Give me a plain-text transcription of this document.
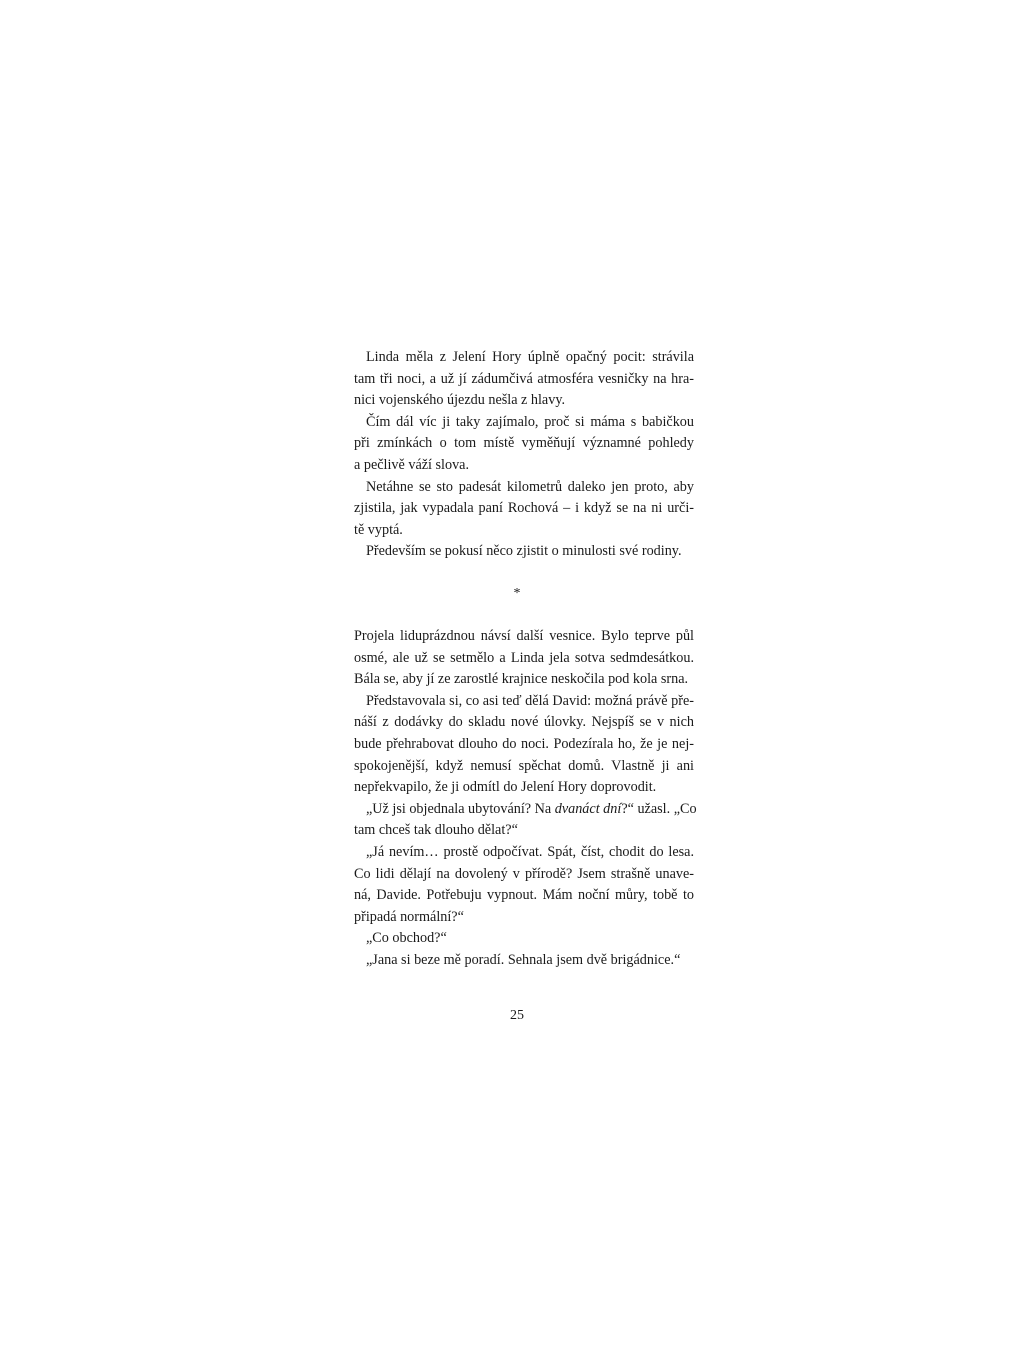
Linda měla z Jelení Hory úplně opačný pocit: strávila
tam tři noci, a už jí zádumčivá atmosféra vesničky na hra-
nici vojenského újezdu nešla z hlavy.
Čím dál víc ji taky zajímalo, proč si máma s babičkou
při zmínkách o tom místě vyměňují významné pohledy
a pečlivě váží slova.
Netáhne se sto padesát kilometrů daleko jen proto, aby
zjistila, jak vypadala paní Rochová – i když se na ni urči-
tě vyptá.
Především se pokusí něco zjistit o minulosti své rodiny.
*
Projela liduprázdnou návsí další vesnice. Bylo teprve půl
osmé, ale už se setmělo a Linda jela sotva sedmdesátkou.
Bála se, aby jí ze zarostlé krajnice neskočila pod kola srna.
Představovala si, co asi teď dělá David: možná právě pře-
náší z dodávky do skladu nové úlovky. Nejspíš se v nich
bude přehrabovat dlouho do noci. Podezírala ho, že je nej-
spokojenější, když nemusí spěchat domů. Vlastně ji ani
nepřekvapilo, že ji odmítl do Jelení Hory doprovodit.
„Už jsi objednala ubytování? Na dvanáct dní?“ užasl. „Co
tam chceš tak dlouho dělat?“
„Já nevím… prostě odpočívat. Spát, číst, chodit do lesa.
Co lidi dělají na dovolený v přírodě? Jsem strašně unave-
ná, Davide. Potřebuju vypnout. Mám noční můry, tobě to
připadá normální?“
„Co obchod?“
„Jana si beze mě poradí. Sehnala jsem dvě brigádnice.“
25
